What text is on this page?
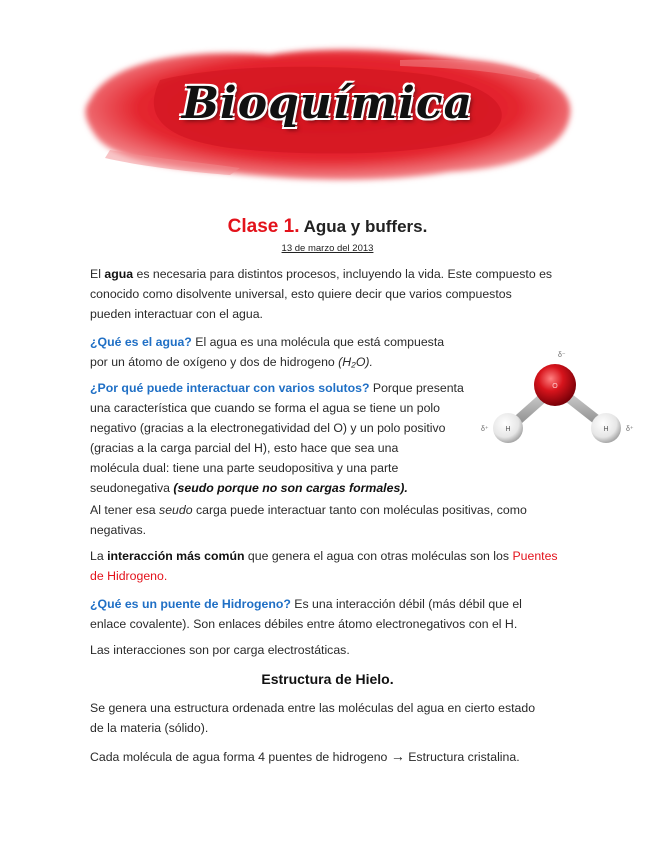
Bioquímica
Clase 1. Agua y buffers.
13 de marzo del 2013
El agua es necesaria para distintos procesos, incluyendo la vida. Este compuesto es
conocido como disolvente universal, esto quiere decir que varios compuestos
pueden interactuar con el agua.
¿Qué es el agua? El agua es una molécula que está compuesta
por un átomo de oxígeno y dos de hidrogeno (H₂O).
¿Por qué puede interactuar con varios solutos? Porque presenta
una característica que cuando se forma el agua se tiene un polo
negativo (gracias a la electronegatividad del O) y un polo positivo
(gracias a la carga parcial del H), esto hace que sea una
molécula dual: tiene una parte seudopositiva y una parte
seudonegativa (seudo porque no son cargas formales).
O
H	H
δ⁻
δ⁺	δ⁺
Al tener esa seudo carga puede interactuar tanto con moléculas positivas, como
negativas.
La interacción más común que genera el agua con otras moléculas son los Puentes
de Hidrogeno.
¿Qué es un puente de Hidrogeno? Es una interacción débil (más débil que el
enlace covalente). Son enlaces débiles entre átomo electronegativos con el H.
Las interacciones son por carga electrostáticas.
Estructura de Hielo.
Se genera una estructura ordenada entre las moléculas del agua en cierto estado
de la materia (sólido).
Cada molécula de agua forma 4 puentes de hidrogeno → Estructura cristalina.
